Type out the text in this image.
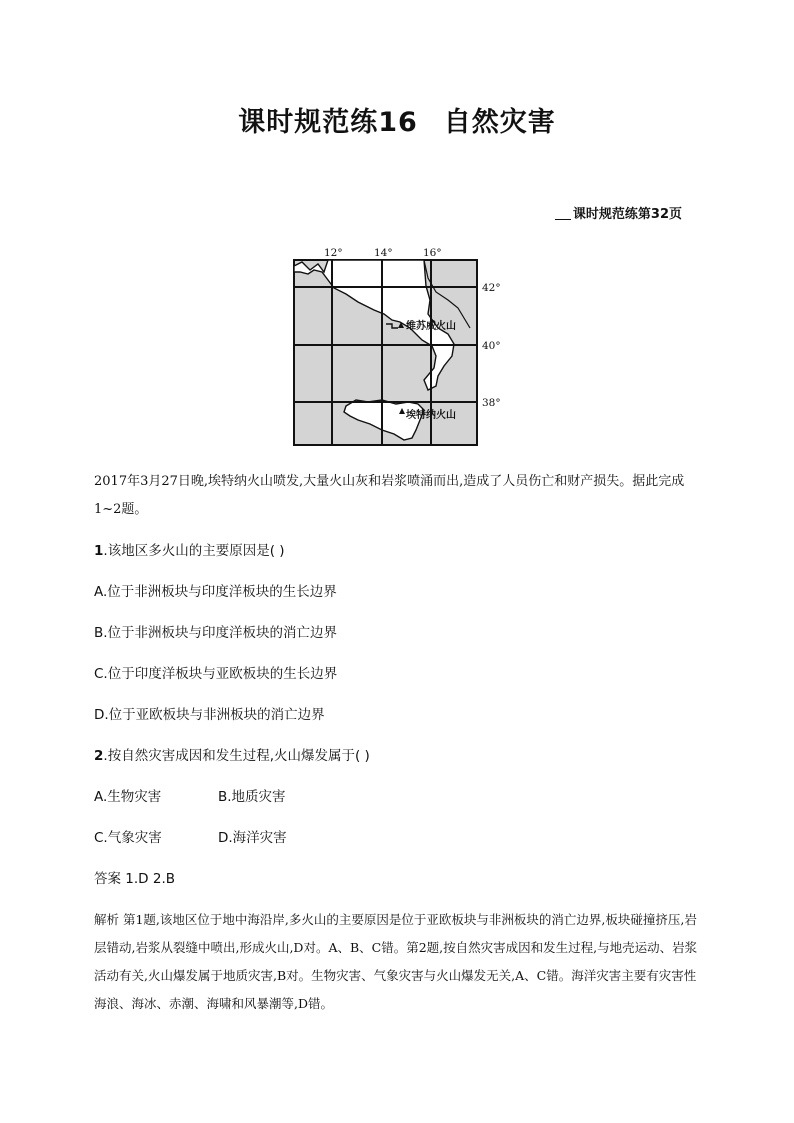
课时规范练16 自然灾害
课时规范练第32页
维苏威火山
埃特纳火山
12°	14°	16°
42°
40°
38°
2017年3月27日晚,埃特纳火山喷发,大量火山灰和岩浆喷涌而出,造成了人员伤亡和财产损失。据此完成1~2题。
1.该地区多火山的主要原因是( )
A.位于非洲板块与印度洋板块的生长边界
B.位于非洲板块与印度洋板块的消亡边界
C.位于印度洋板块与亚欧板块的生长边界
D.位于亚欧板块与非洲板块的消亡边界
2.按自然灾害成因和发生过程,火山爆发属于( )
A.生物灾害	B.地质灾害
C.气象灾害	D.海洋灾害
答案 1.D 2.B
解析 第1题,该地区位于地中海沿岸,多火山的主要原因是位于亚欧板块与非洲板块的消亡边界,板块碰撞挤压,岩层错动,岩浆从裂缝中喷出,形成火山,D对。A、B、C错。第2题,按自然灾害成因和发生过程,与地壳运动、岩浆活动有关,火山爆发属于地质灾害,B对。生物灾害、气象灾害与火山爆发无关,A、C错。海洋灾害主要有灾害性海浪、海冰、赤潮、海啸和风暴潮等,D错。
